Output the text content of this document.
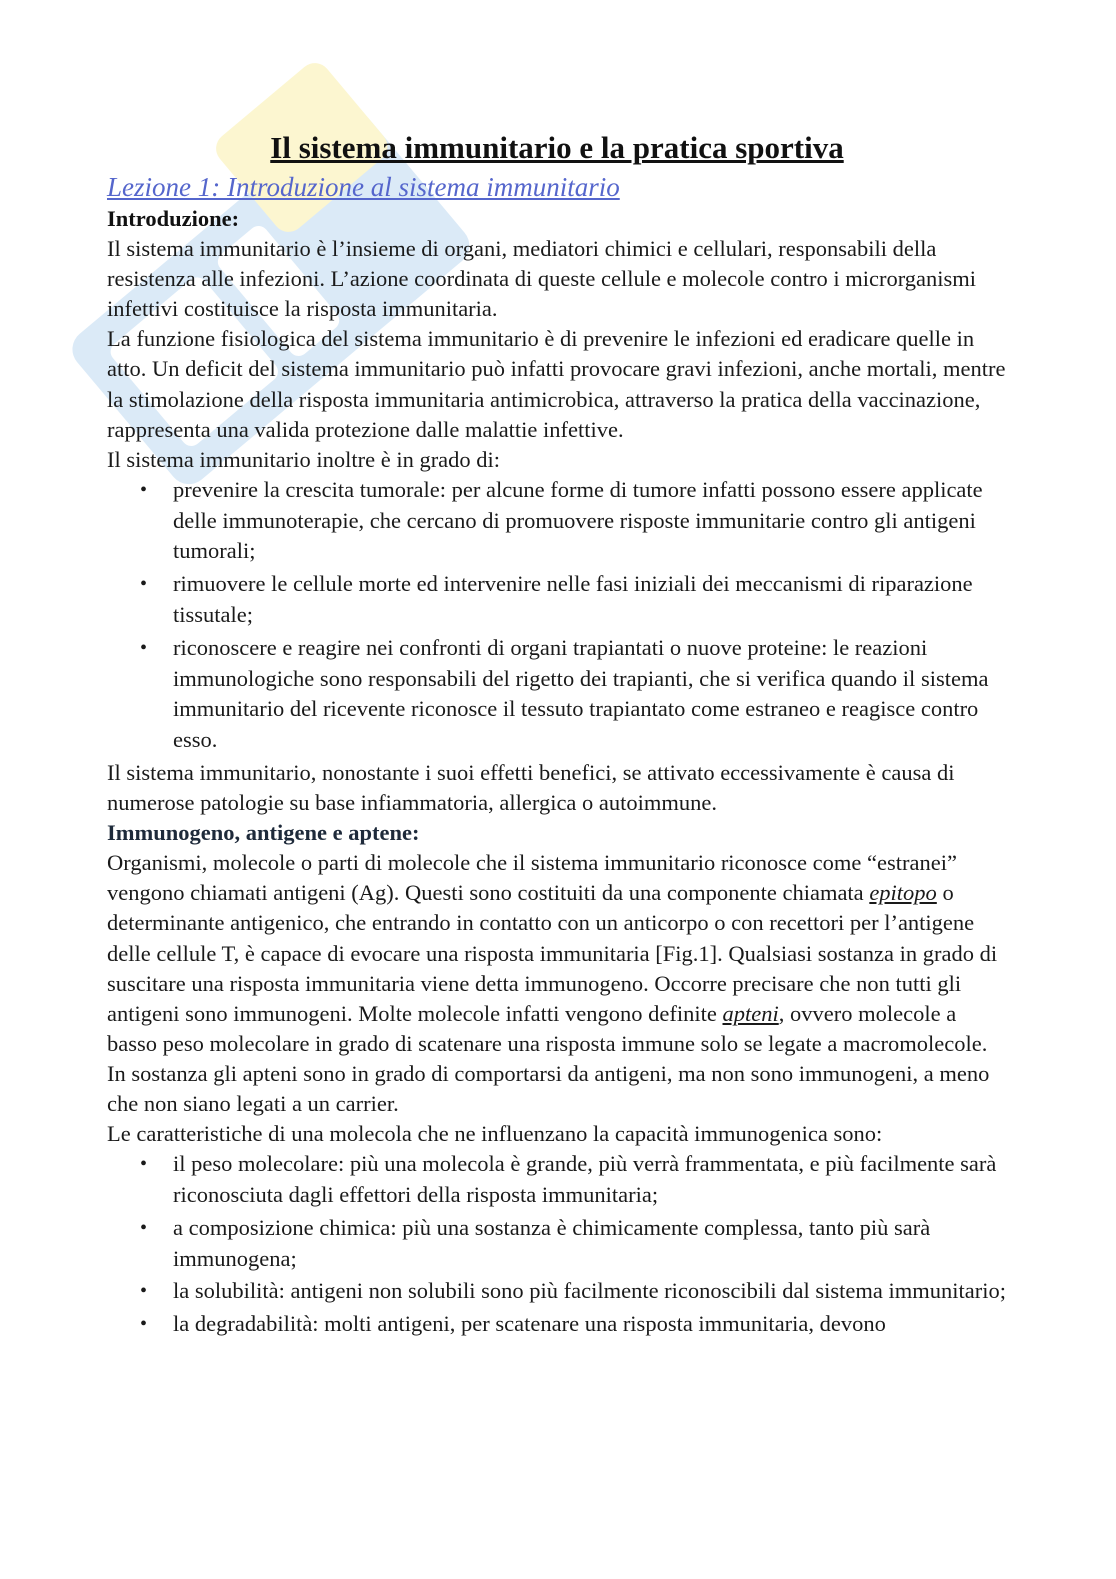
Il sistema immunitario e la pratica sportiva

Lezione 1: Introduzione al sistema immunitario

Introduzione:

Il sistema immunitario è l’insieme di organi, mediatori chimici e cellulari, responsabili della resistenza alle infezioni. L’azione coordinata di queste cellule e molecole contro i microrganismi infettivi costituisce la risposta immunitaria.

La funzione fisiologica del sistema immunitario è di prevenire le infezioni ed eradicare quelle in atto. Un deficit del sistema immunitario può infatti provocare gravi infezioni, anche mortali, mentre la stimolazione della risposta immunitaria antimicrobica, attraverso la pratica della vaccinazione, rappresenta una valida protezione dalle malattie infettive.

Il sistema immunitario inoltre è in grado di:

• prevenire la crescita tumorale: per alcune forme di tumore infatti possono essere applicate delle immunoterapie, che cercano di promuovere risposte immunitarie contro gli antigeni tumorali;
• rimuovere le cellule morte ed intervenire nelle fasi iniziali dei meccanismi di riparazione tissutale;
• riconoscere e reagire nei confronti di organi trapiantati o nuove proteine: le reazioni immunologiche sono responsabili del rigetto dei trapianti, che si verifica quando il sistema immunitario del ricevente riconosce il tessuto trapiantato come estraneo e reagisce contro esso.

Il sistema immunitario, nonostante i suoi effetti benefici, se attivato eccessivamente è causa di numerose patologie su base infiammatoria, allergica o autoimmune.

Immunogeno, antigene e aptene:

Organismi, molecole o parti di molecole che il sistema immunitario riconosce come “estranei” vengono chiamati antigeni (Ag). Questi sono costituiti da una componente chiamata epitopo o determinante antigenico, che entrando in contatto con un anticorpo o con recettori per l’antigene delle cellule T, è capace di evocare una risposta immunitaria [Fig.1]. Qualsiasi sostanza in grado di suscitare una risposta immunitaria viene detta immunogeno. Occorre precisare che non tutti gli antigeni sono immunogeni. Molte molecole infatti vengono definite apteni, ovvero molecole a basso peso molecolare in grado di scatenare una risposta immune solo se legate a macromolecole. In sostanza gli apteni sono in grado di comportarsi da antigeni, ma non sono immunogeni, a meno che non siano legati a un carrier.

Le caratteristiche di una molecola che ne influenzano la capacità immunogenica sono:

• il peso molecolare: più una molecola è grande, più verrà frammentata, e più facilmente sarà riconosciuta dagli effettori della risposta immunitaria;
• a composizione chimica: più una sostanza è chimicamente complessa, tanto più sarà immunogena;
• la solubilità: antigeni non solubili sono più facilmente riconoscibili dal sistema immunitario;
• la degradabilità: molti antigeni, per scatenare una risposta immunitaria, devono
